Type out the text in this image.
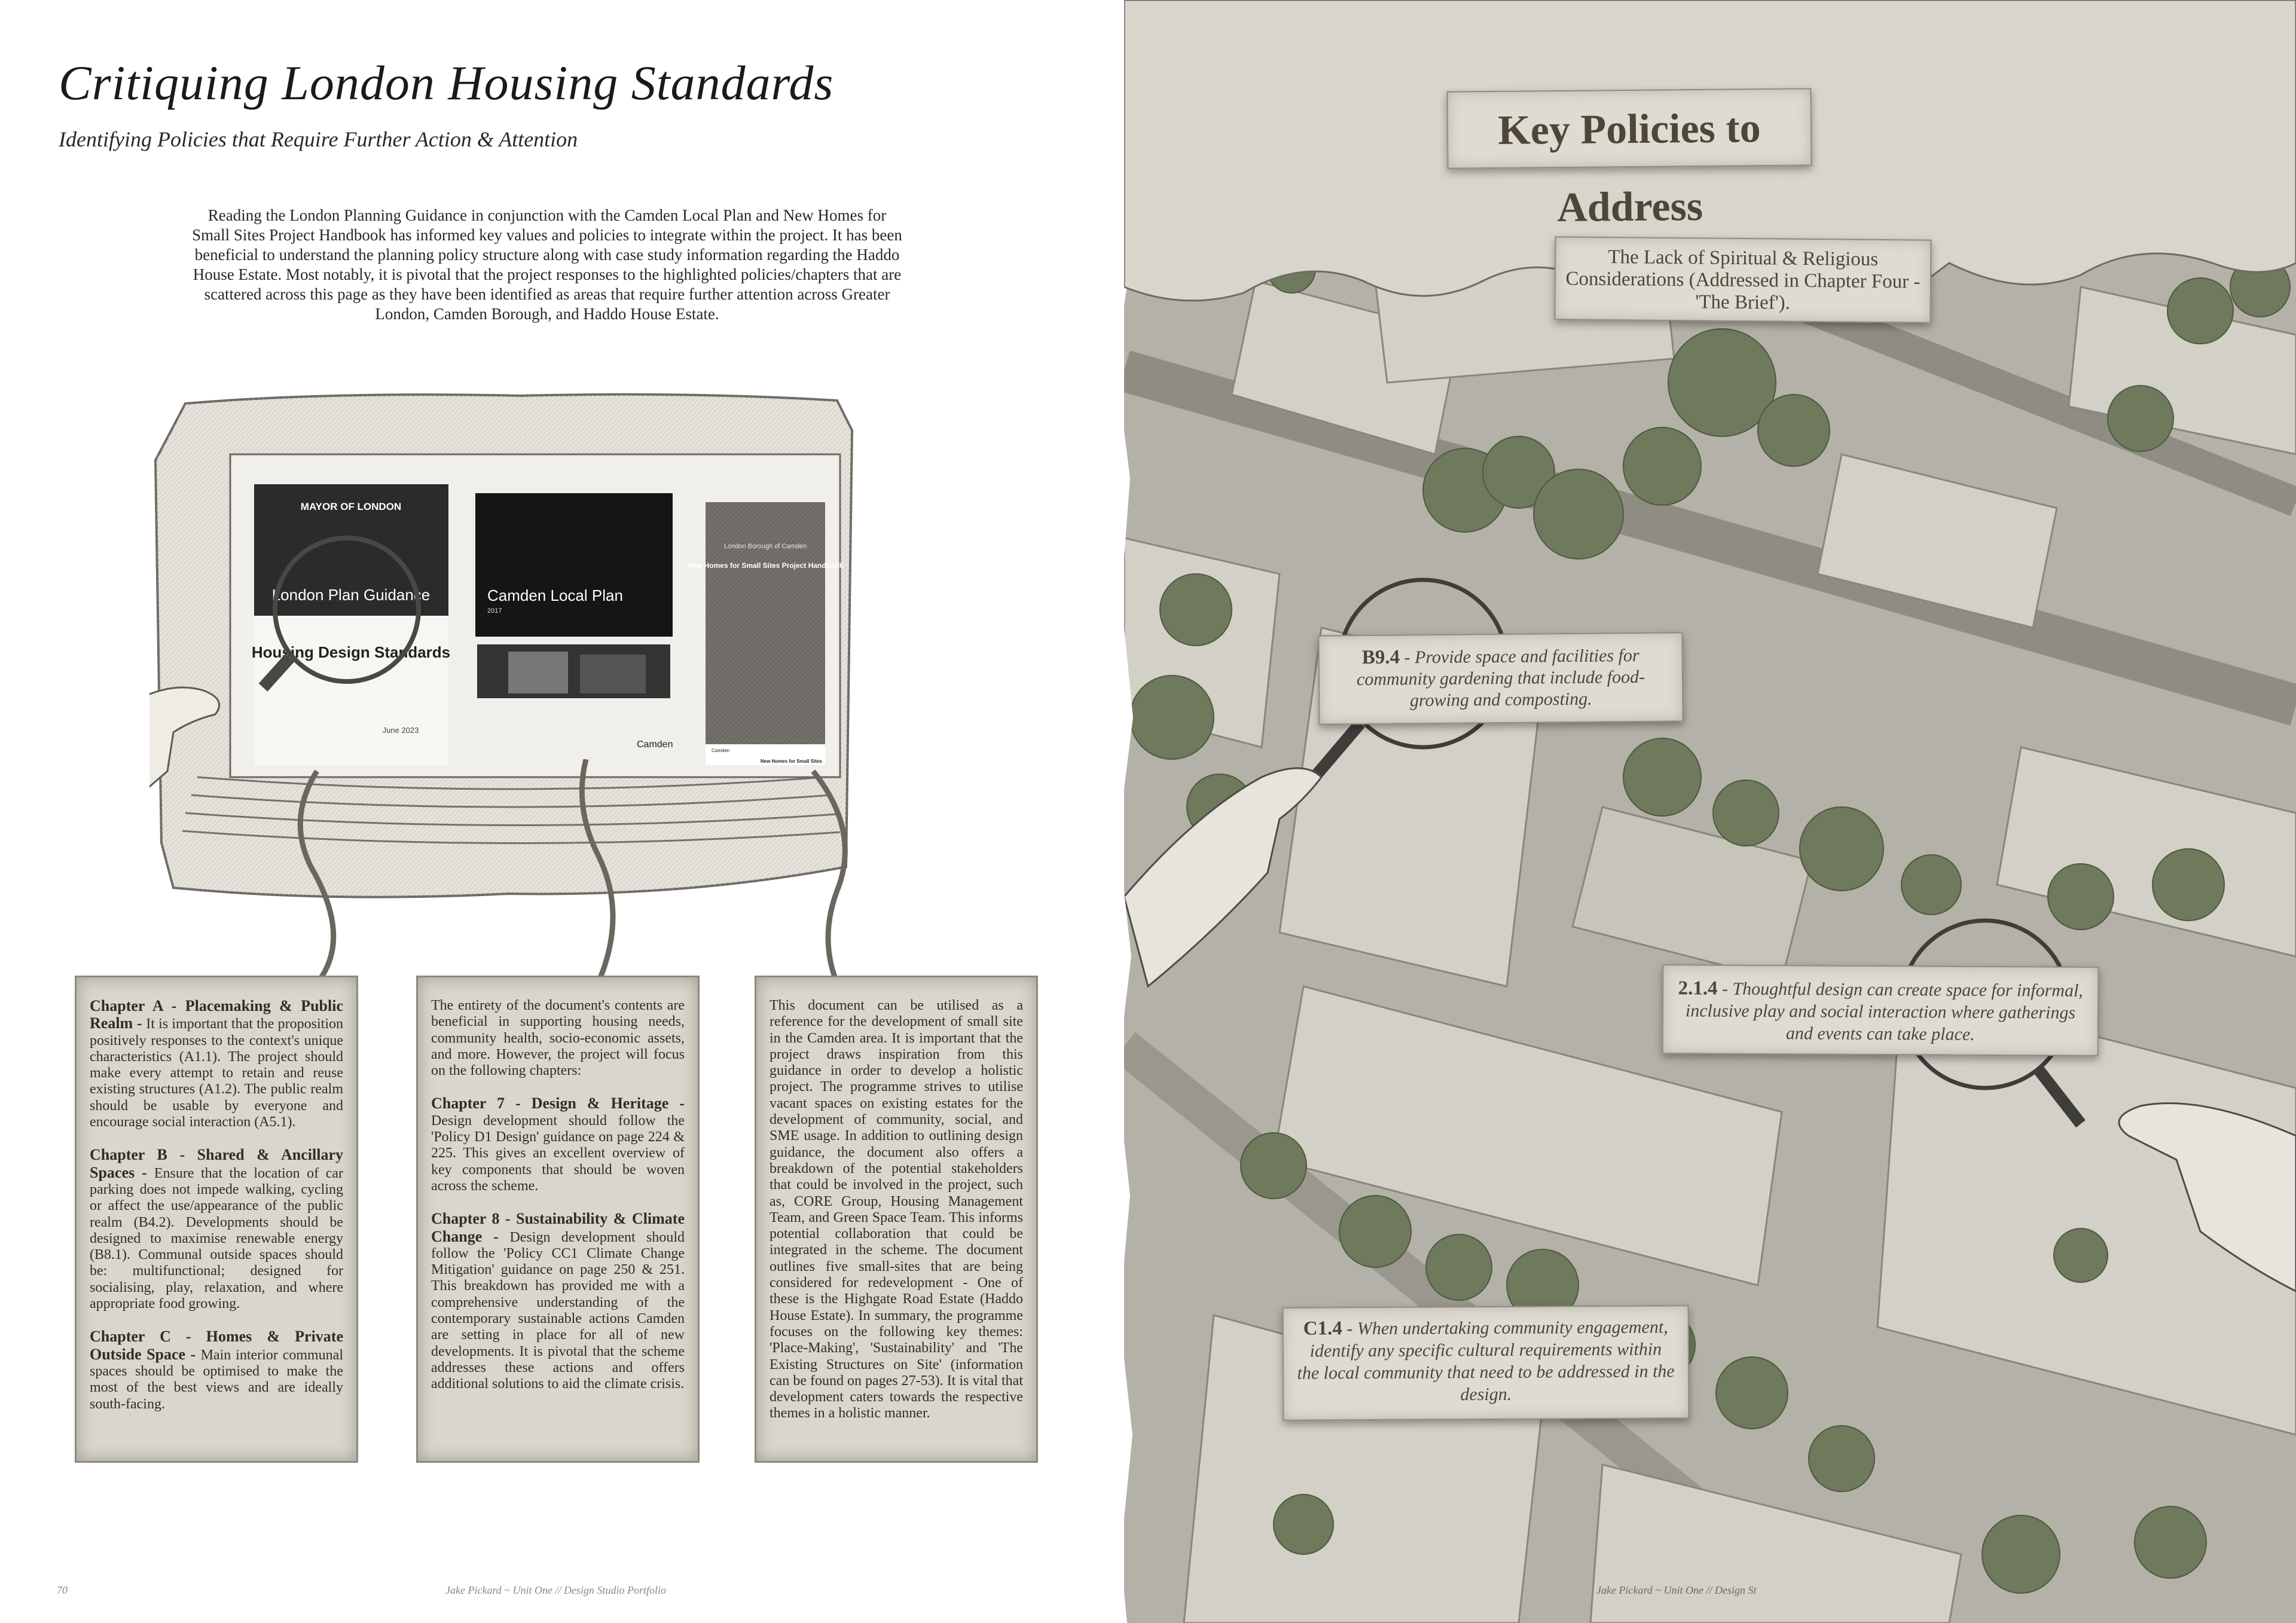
Critiquing London Housing Standards
Identifying Policies that Require Further Action & Attention
Reading the London Planning Guidance in conjunction with the Camden Local Plan and New Homes for Small Sites Project Handbook has informed key values and policies to integrate within the project. It has been beneficial to understand the planning policy structure along with case study information regarding the Haddo House Estate. Most notably, it is pivotal that the project responses to the highlighted policies/chapters that are scattered across this page as they have been identified as areas that require further attention across Greater London, Camden Borough, and Haddo House Estate.
MAYOR OF LONDON
London Plan Guidance
Housing Design Standards
June 2023
Camden Local Plan
2017
Camden
London Borough of Camden
New Homes for Small Sites Project Handbook
Camden
New Homes for Small Sites
Chapter A - Placemaking & Public Realm - It is important that the proposition positively responses to the context's unique characteristics (A1.1). The project should make every attempt to retain and reuse existing structures (A1.2). The public realm should be usable by everyone and encourage social interaction (A5.1).
Chapter B - Shared & Ancillary Spaces - Ensure that the location of car parking does not impede walking, cycling or affect the use/appearance of the public realm (B4.2). Developments should be designed to maximise renewable energy (B8.1). Communal outside spaces should be: multifunctional; designed for socialising, play, relaxation, and where appropriate food growing.
Chapter C - Homes & Private Outside Space - Main interior communal spaces should be optimised to make the most of the best views and are ideally south-facing.
The entirety of the document's contents are beneficial in supporting housing needs, community health, socio-economic assets, and more. However, the project will focus on the following chapters:
Chapter 7 - Design & Heritage - Design development should follow the 'Policy D1 Design' guidance on page 224 & 225. This gives an excellent overview of key components that should be woven across the scheme.
Chapter 8 - Sustainability & Climate Change - Design development should follow the 'Policy CC1 Climate Change Mitigation' guidance on page 250 & 251. This breakdown has provided me with a comprehensive understanding of the contemporary sustainable actions Camden are setting in place for all of new developments. It is pivotal that the scheme addresses these actions and offers additional solutions to aid the climate crisis.
This document can be utilised as a reference for the development of small site in the Camden area. It is important that the project draws inspiration from this guidance in order to develop a holistic project. The programme strives to utilise vacant spaces on existing estates for the development of community, social, and SME usage. In addition to outlining design guidance, the document also offers a breakdown of the potential stakeholders that could be involved in the project, such as, CORE Group, Housing Management Team, and Green Space Team. This informs potential collaboration that could be integrated in the scheme. The document outlines five small-sites that are being considered for redevelopment - One of these is the Highgate Road Estate (Haddo House Estate). In summary, the programme focuses on the following key themes: 'Place-Making', 'Sustainability' and 'The Existing Structures on Site' (information can be found on pages 27-53). It is vital that development caters towards the respective themes in a holistic manner.
70	Jake Pickard ~ Unit One // Design Studio Portfolio
Key Policies to Address
The Lack of Spiritual & Religious Considerations (Addressed in Chapter Four - 'The Brief').
B9.4 - Provide space and facilities for community gardening that include food-growing and composting.
2.1.4 - Thoughtful design can create space for informal, inclusive play and social interaction where gatherings and events can take place.
C1.4 - When undertaking community engagement, identify any specific cultural requirements within the local community that need to be addressed in the design.
Jake Pickard ~ Unit One // Design St
